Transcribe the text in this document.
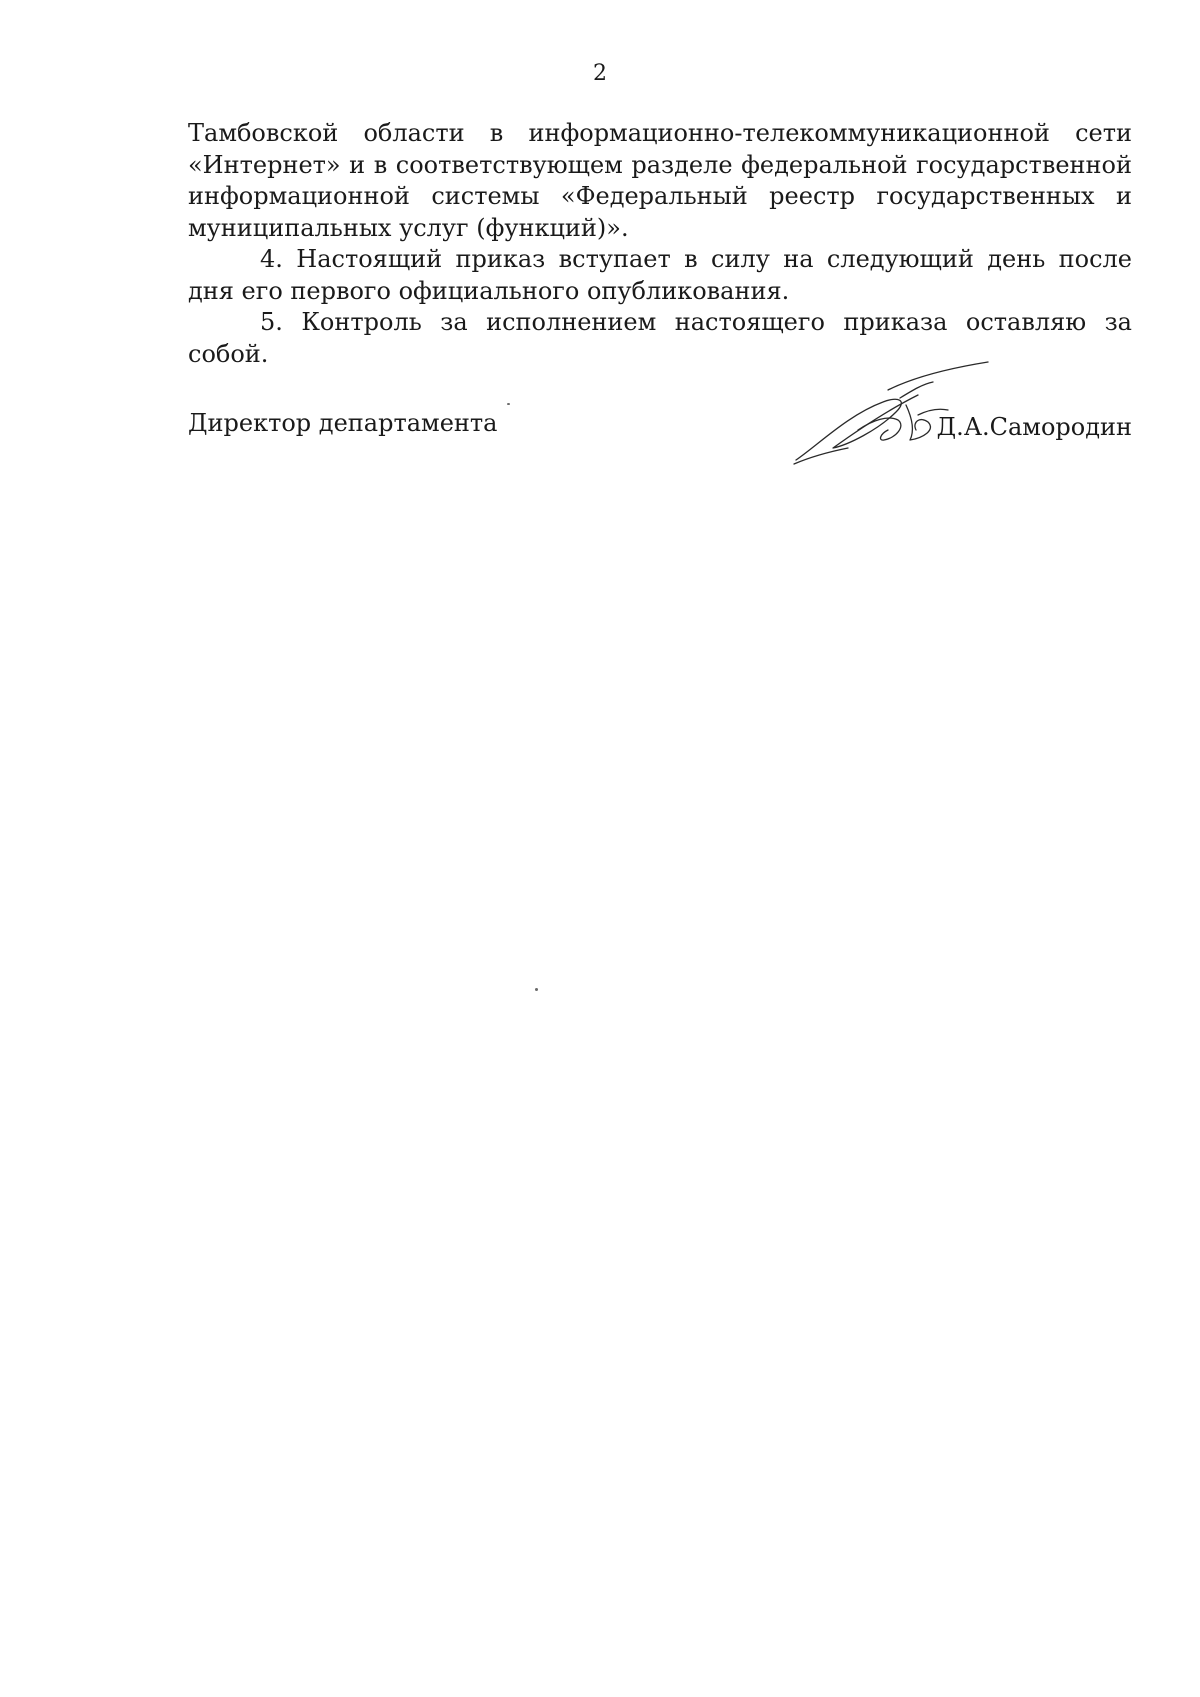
2

Тамбовской области в информационно-телекоммуникационной сети «Интернет» и в соответствующем разделе федеральной государственной информационной системы «Федеральный реестр государственных и муниципальных услуг (функций)».

4. Настоящий приказ вступает в силу на следующий день после дня его первого официального опубликования.

5. Контроль за исполнением настоящего приказа оставляю за собой.

Директор департамента	Д.А.Самородин
